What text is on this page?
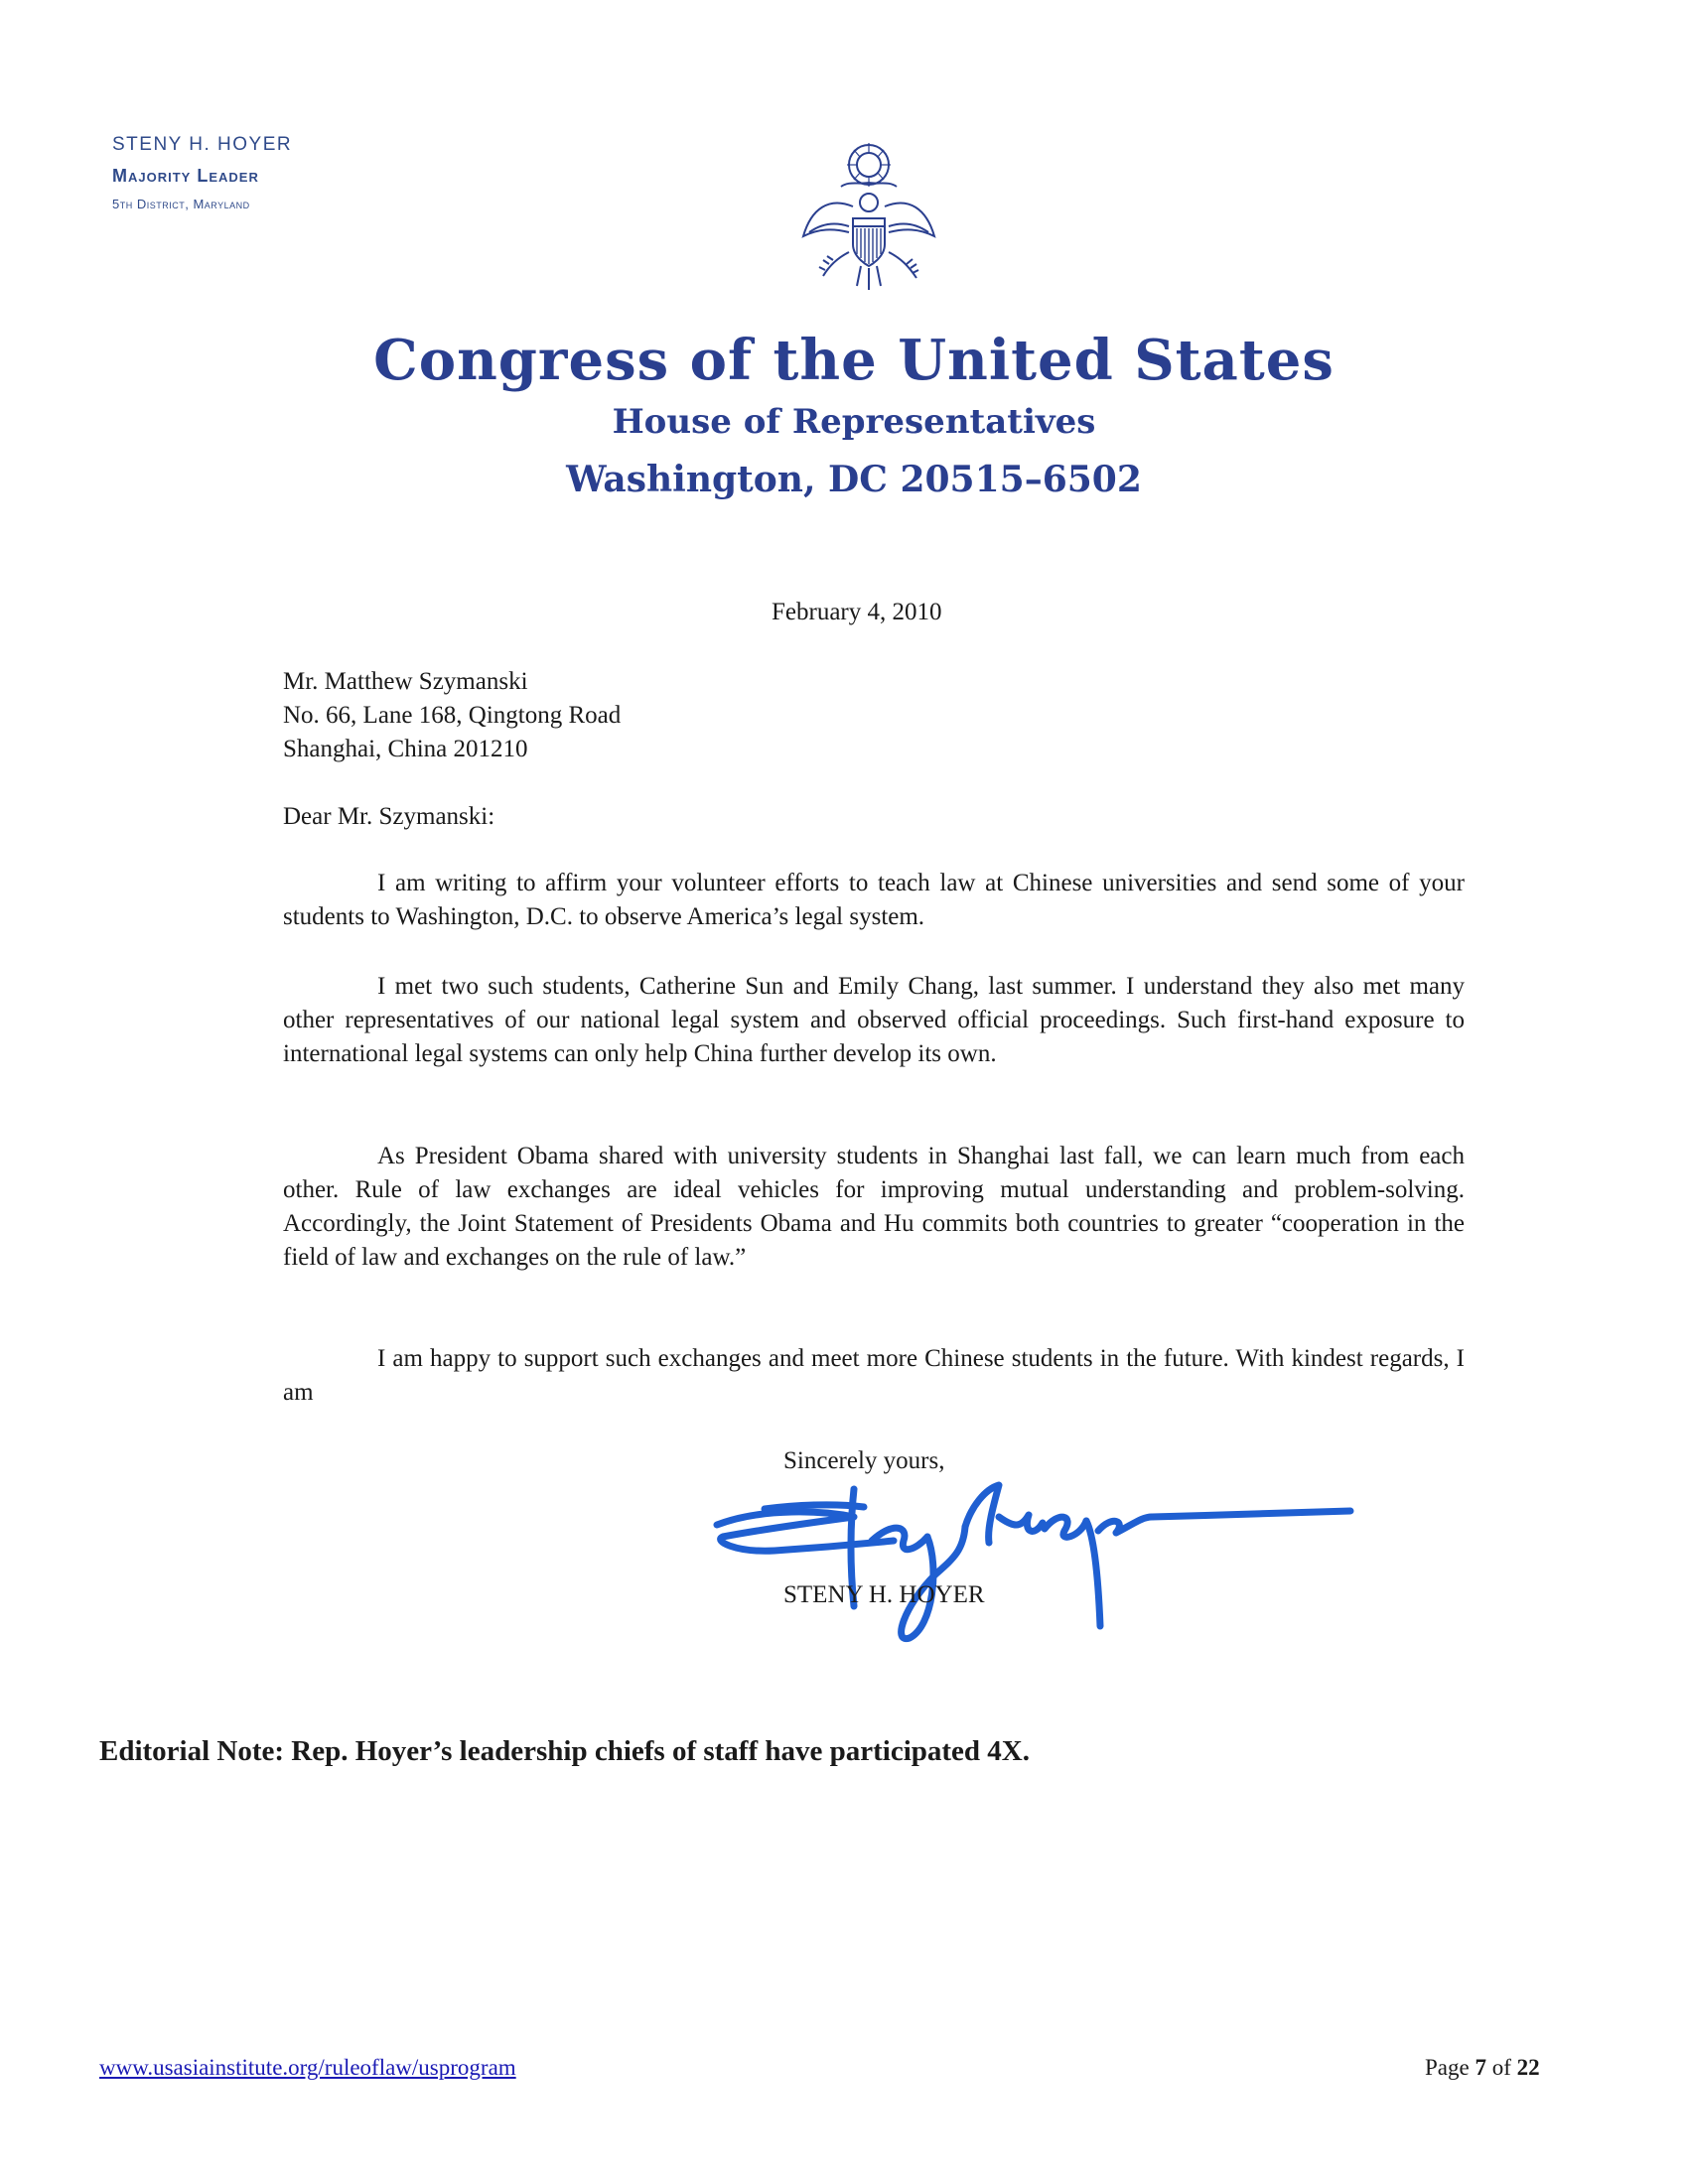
STENY H. HOYER
Majority Leader
5th District, Maryland
Congress of the United States
House of Representatives
Washington, DC 20515–6502
February 4, 2010
Mr. Matthew Szymanski
No. 66, Lane 168, Qingtong Road
Shanghai, China 201210
Dear Mr. Szymanski:
I am writing to affirm your volunteer efforts to teach law at Chinese universities and send some of your students to Washington, D.C. to observe America’s legal system.
I met two such students, Catherine Sun and Emily Chang, last summer. I understand they also met many other representatives of our national legal system and observed official proceedings. Such first-hand exposure to international legal systems can only help China further develop its own.
As President Obama shared with university students in Shanghai last fall, we can learn much from each other. Rule of law exchanges are ideal vehicles for improving mutual understanding and problem-solving. Accordingly, the Joint Statement of Presidents Obama and Hu commits both countries to greater “cooperation in the field of law and exchanges on the rule of law.”
I am happy to support such exchanges and meet more Chinese students in the future. With kindest regards, I am
Sincerely yours,
STENY H. HOYER
Editorial Note: Rep. Hoyer’s leadership chiefs of staff have participated 4X.
www.usasiainstitute.org/ruleoflaw/usprogram	Page 7 of 22
